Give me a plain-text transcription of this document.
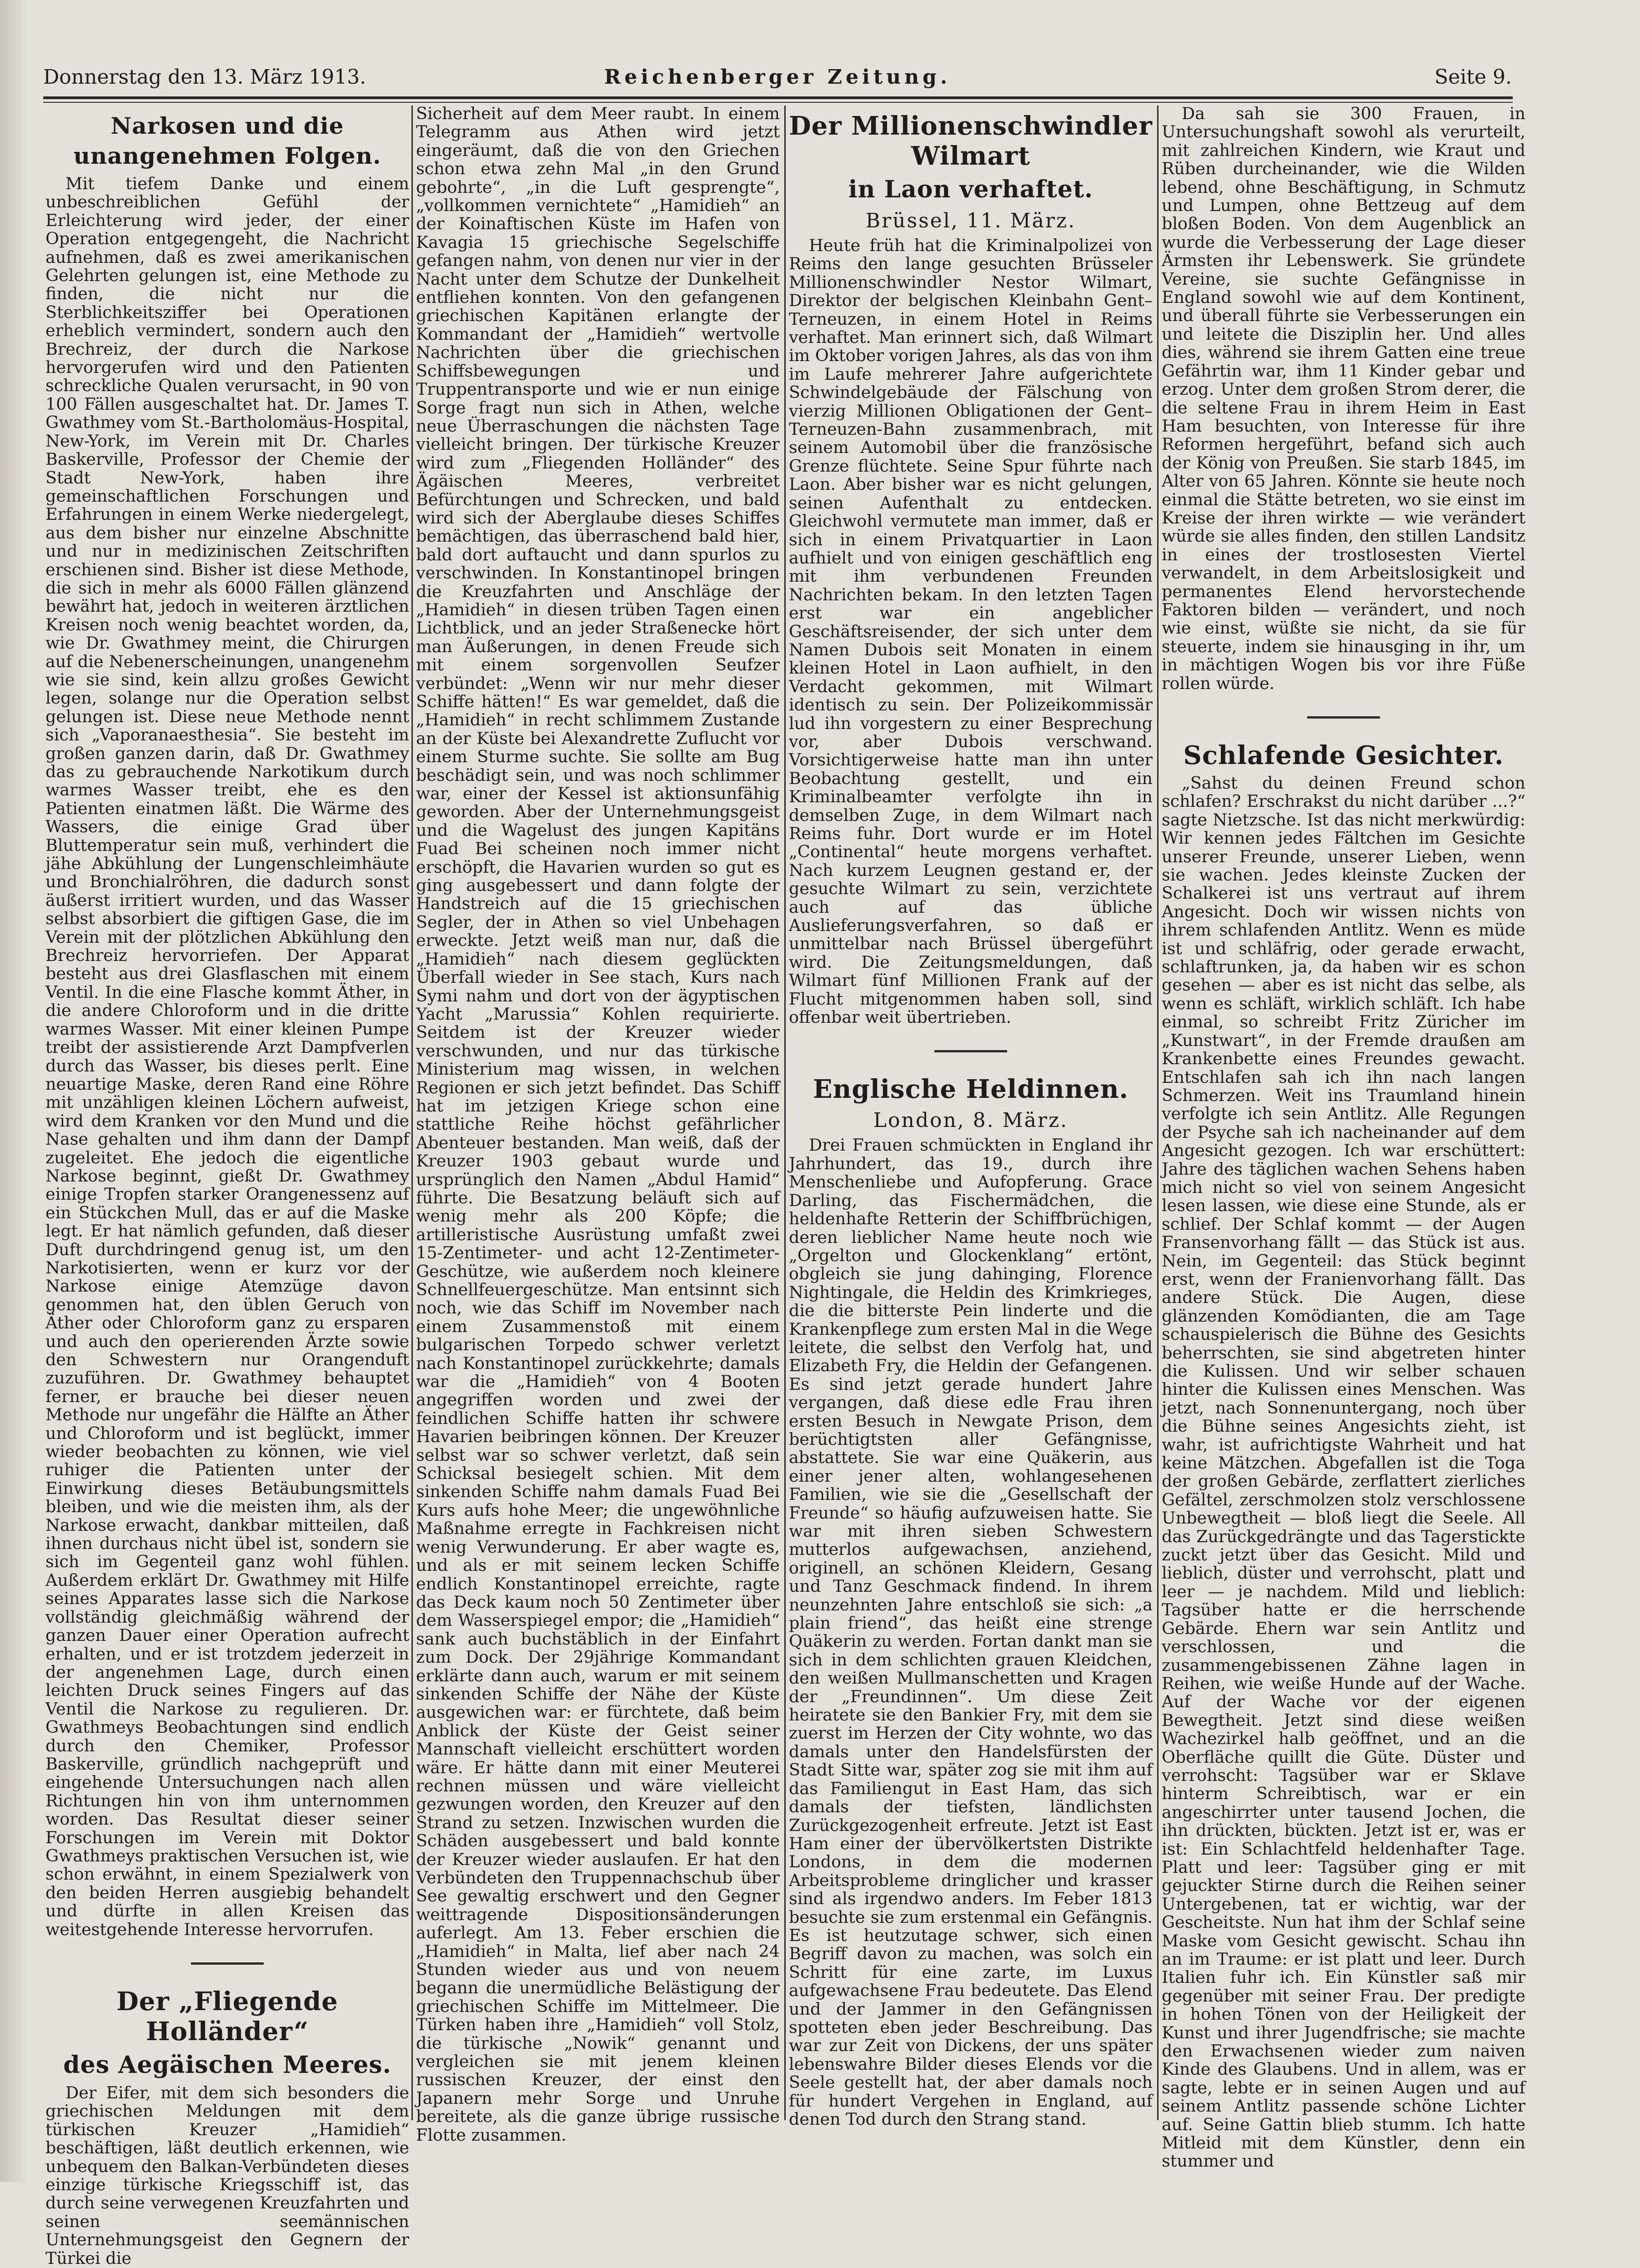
Donnerstag den 13. März 1913.	Reichenberger Zeitung.	Seite 9.
Narkosen und die unangenehmen Folgen.

Mit tiefem Danke und einem unbeschreiblichen Gefühl der Erleichterung wird jeder, der einer Operation entgegengeht, die Nachricht aufnehmen, daß es zwei amerikanischen Gelehrten gelungen ist, eine Methode zu finden, die nicht nur die Sterblichkeitsziffer bei Operationen erheblich vermindert, sondern auch den Brechreiz, der durch die Narkose hervorgerufen wird und den Patienten schreckliche Qualen verursacht, in 90 von 100 Fällen ausgeschaltet hat. Dr. James T. Gwathmey vom St.-Bartholomäus-Hospital, New-York, im Verein mit Dr. Charles Baskerville, Professor der Chemie der Stadt New-York, haben ihre gemeinschaftlichen Forschungen und Erfahrungen in einem Werke niedergelegt, aus dem bisher nur einzelne Abschnitte und nur in medizinischen Zeitschriften erschienen sind. Bisher ist diese Methode, die sich in mehr als 6000 Fällen glänzend bewährt hat, jedoch in weiteren ärztlichen Kreisen noch wenig beachtet worden, da, wie Dr. Gwathmey meint, die Chirurgen auf die Nebenerscheinungen, unangenehm wie sie sind, kein allzu großes Gewicht legen, solange nur die Operation selbst gelungen ist. Diese neue Methode nennt sich „Vaporanaesthesia“. Sie besteht im großen ganzen darin, daß Dr. Gwathmey das zu gebrauchende Narkotikum durch warmes Wasser treibt, ehe es den Patienten einatmen läßt. Die Wärme des Wassers, die einige Grad über Bluttemperatur sein muß, verhindert die jähe Abkühlung der Lungenschleimhäute und Bronchialröhren, die dadurch sonst äußerst irritiert wurden, und das Wasser selbst absorbiert die giftigen Gase, die im Verein mit der plötzlichen Abkühlung den Brechreiz hervorriefen. Der Apparat besteht aus drei Glasflaschen mit einem Ventil. In die eine Flasche kommt Äther, in die andere Chloroform und in die dritte warmes Wasser. Mit einer kleinen Pumpe treibt der assistierende Arzt Dampfverlen durch das Wasser, bis dieses perlt. Eine neuartige Maske, deren Rand eine Röhre mit unzähligen kleinen Löchern aufweist, wird dem Kranken vor den Mund und die Nase gehalten und ihm dann der Dampf zugeleitet. Ehe jedoch die eigentliche Narkose beginnt, gießt Dr. Gwathmey einige Tropfen starker Orangenessenz auf ein Stückchen Mull, das er auf die Maske legt. Er hat nämlich gefunden, daß dieser Duft durchdringend genug ist, um den Narkotisierten, wenn er kurz vor der Narkose einige Atemzüge davon genommen hat, den üblen Geruch von Äther oder Chloroform ganz zu ersparen und auch den operierenden Ärzte sowie den Schwestern nur Orangenduft zuzuführen. Dr. Gwathmey behauptet ferner, er brauche bei dieser neuen Methode nur ungefähr die Hälfte an Äther und Chloroform und ist beglückt, immer wieder beobachten zu können, wie viel ruhiger die Patienten unter der Einwirkung dieses Betäubungsmittels bleiben, und wie die meisten ihm, als der Narkose erwacht, dankbar mitteilen, daß ihnen durchaus nicht übel ist, sondern sie sich im Gegenteil ganz wohl fühlen. Außerdem erklärt Dr. Gwathmey mit Hilfe seines Apparates lasse sich die Narkose vollständig gleichmäßig während der ganzen Dauer einer Operation aufrecht erhalten, und er ist trotzdem jederzeit in der angenehmen Lage, durch einen leichten Druck seines Fingers auf das Ventil die Narkose zu regulieren. Dr. Gwathmeys Beobachtungen sind endlich durch den Chemiker, Professor Baskerville, gründlich nachgeprüft und eingehende Untersuchungen nach allen Richtungen hin von ihm unternommen worden. Das Resultat dieser seiner Forschungen im Verein mit Doktor Gwathmeys praktischen Versuchen ist, wie schon erwähnt, in einem Spezialwerk von den beiden Herren ausgiebig behandelt und dürfte in allen Kreisen das weitestgehende Interesse hervorrufen.

Der „Fliegende Holländer“
des Aegäischen Meeres.

Der Eifer, mit dem sich besonders die griechischen Meldungen mit dem türkischen Kreuzer „Hamidieh“ beschäftigen, läßt deutlich erkennen, wie unbequem den Balkan-Verbündeten dieses einzige türkische Kriegsschiff ist, das durch seine verwegenen Kreuzfahrten und seinen seemännischen Unternehmungsgeist den Gegnern der Türkei die

Sicherheit auf dem Meer raubt. In einem Telegramm aus Athen wird jetzt eingeräumt, daß die von den Griechen schon etwa zehn Mal „in den Grund gebohrte“, „in die Luft gesprengte“, „vollkommen vernichtete“ „Hamidieh“ an der Koinaftischen Küste im Hafen von Kavagia 15 griechische Segelschiffe gefangen nahm, von denen nur vier in der Nacht unter dem Schutze der Dunkelheit entfliehen konnten. Von den gefangenen griechischen Kapitänen erlangte der Kommandant der „Hamidieh“ wertvolle Nachrichten über die griechischen Schiffsbewegungen und Truppentransporte und wie er nun einige Sorge fragt nun sich in Athen, welche neue Überraschungen die nächsten Tage vielleicht bringen. Der türkische Kreuzer wird zum „Fliegenden Holländer“ des Ägäischen Meeres, verbreitet Befürchtungen und Schrecken, und bald wird sich der Aberglaube dieses Schiffes bemächtigen, das überraschend bald hier, bald dort auftaucht und dann spurlos zu verschwinden. In Konstantinopel bringen die Kreuzfahrten und Anschläge der „Hamidieh“ in diesen trüben Tagen einen Lichtblick, und an jeder Straßenecke hört man Äußerungen, in denen Freude sich mit einem sorgenvollen Seufzer verbündet: „Wenn wir nur mehr dieser Schiffe hätten!“ Es war gemeldet, daß die „Hamidieh“ in recht schlimmem Zustande an der Küste bei Alexandrette Zuflucht vor einem Sturme suchte. Sie sollte am Bug beschädigt sein, und was noch schlimmer war, einer der Kessel ist aktionsunfähig geworden. Aber der Unternehmungsgeist und die Wagelust des jungen Kapitäns Fuad Bei scheinen noch immer nicht erschöpft, die Havarien wurden so gut es ging ausgebessert und dann folgte der Handstreich auf die 15 griechischen Segler, der in Athen so viel Unbehagen erweckte. Jetzt weiß man nur, daß die „Hamidieh“ nach diesem geglückten Überfall wieder in See stach, Kurs nach Symi nahm und dort von der ägyptischen Yacht „Marussia“ Kohlen requirierte. Seitdem ist der Kreuzer wieder verschwunden, und nur das türkische Ministerium mag wissen, in welchen Regionen er sich jetzt befindet. Das Schiff hat im jetzigen Kriege schon eine stattliche Reihe höchst gefährlicher Abenteuer bestanden. Man weiß, daß der Kreuzer 1903 gebaut wurde und ursprünglich den Namen „Abdul Hamid“ führte. Die Besatzung beläuft sich auf wenig mehr als 200 Köpfe; die artilleristische Ausrüstung umfaßt zwei 15-Zentimeter- und acht 12-Zentimeter-Geschütze, wie außerdem noch kleinere Schnellfeuergeschütze. Man entsinnt sich noch, wie das Schiff im November nach einem Zusammenstoß mit einem bulgarischen Torpedo schwer verletzt nach Konstantinopel zurückkehrte; damals war die „Hamidieh“ von 4 Booten angegriffen worden und zwei der feindlichen Schiffe hatten ihr schwere Havarien beibringen können. Der Kreuzer selbst war so schwer verletzt, daß sein Schicksal besiegelt schien. Mit dem sinkenden Schiffe nahm damals Fuad Bei Kurs aufs hohe Meer; die ungewöhnliche Maßnahme erregte in Fachkreisen nicht wenig Verwunderung. Er aber wagte es, und als er mit seinem lecken Schiffe endlich Konstantinopel erreichte, ragte das Deck kaum noch 50 Zentimeter über dem Wasserspiegel empor; die „Hamidieh“ sank auch buchstäblich in der Einfahrt zum Dock. Der 29jährige Kommandant erklärte dann auch, warum er mit seinem sinkenden Schiffe der Nähe der Küste ausgewichen war: er fürchtete, daß beim Anblick der Küste der Geist seiner Mannschaft vielleicht erschüttert worden wäre. Er hätte dann mit einer Meuterei rechnen müssen und wäre vielleicht gezwungen worden, den Kreuzer auf den Strand zu setzen. Inzwischen wurden die Schäden ausgebessert und bald konnte der Kreuzer wieder auslaufen. Er hat den Verbündeten den Truppennachschub über See gewaltig erschwert und den Gegner weittragende Dispositionsänderungen auferlegt. Am 13. Feber erschien die „Hamidieh“ in Malta, lief aber nach 24 Stunden wieder aus und von neuem begann die unermüdliche Belästigung der griechischen Schiffe im Mittelmeer. Die Türken haben ihre „Hamidieh“ voll Stolz, die türkische „Nowik“ genannt und vergleichen sie mit jenem kleinen russischen Kreuzer, der einst den Japanern mehr Sorge und Unruhe bereitete, als die ganze übrige russische Flotte zusammen.

Der Millionenschwindler Wilmart
in Laon verhaftet.
Brüssel, 11. März.

Heute früh hat die Kriminalpolizei von Reims den lange gesuchten Brüsseler Millionenschwindler Nestor Wilmart, Direktor der belgischen Kleinbahn Gent–Terneuzen, in einem Hotel in Reims verhaftet. Man erinnert sich, daß Wilmart im Oktober vorigen Jahres, als das von ihm im Laufe mehrerer Jahre aufgerichtete Schwindelgebäude der Fälschung von vierzig Millionen Obligationen der Gent–Terneuzen-Bahn zusammenbrach, mit seinem Automobil über die französische Grenze flüchtete. Seine Spur führte nach Laon. Aber bisher war es nicht gelungen, seinen Aufenthalt zu entdecken. Gleichwohl vermutete man immer, daß er sich in einem Privatquartier in Laon aufhielt und von einigen geschäftlich eng mit ihm verbundenen Freunden Nachrichten bekam. In den letzten Tagen erst war ein angeblicher Geschäftsreisender, der sich unter dem Namen Dubois seit Monaten in einem kleinen Hotel in Laon aufhielt, in den Verdacht gekommen, mit Wilmart identisch zu sein. Der Polizeikommissär lud ihn vorgestern zu einer Besprechung vor, aber Dubois verschwand. Vorsichtigerweise hatte man ihn unter Beobachtung gestellt, und ein Kriminalbeamter verfolgte ihn in demselben Zuge, in dem Wilmart nach Reims fuhr. Dort wurde er im Hotel „Continental“ heute morgens verhaftet. Nach kurzem Leugnen gestand er, der gesuchte Wilmart zu sein, verzichtete auch auf das übliche Auslieferungsverfahren, so daß er unmittelbar nach Brüssel übergeführt wird. Die Zeitungsmeldungen, daß Wilmart fünf Millionen Frank auf der Flucht mitgenommen haben soll, sind offenbar weit übertrieben.

Englische Heldinnen.
London, 8. März.

Drei Frauen schmückten in England ihr Jahrhundert, das 19., durch ihre Menschenliebe und Aufopferung. Grace Darling, das Fischermädchen, die heldenhafte Retterin der Schiffbrüchigen, deren lieblicher Name heute noch wie „Orgelton und Glockenklang“ ertönt, obgleich sie jung dahinging, Florence Nightingale, die Heldin des Krimkrieges, die die bitterste Pein linderte und die Krankenpflege zum ersten Mal in die Wege leitete, die selbst den Verfolg hat, und Elizabeth Fry, die Heldin der Gefangenen. Es sind jetzt gerade hundert Jahre vergangen, daß diese edle Frau ihren ersten Besuch in Newgate Prison, dem berüchtigtsten aller Gefängnisse, abstattete. Sie war eine Quäkerin, aus einer jener alten, wohlangesehenen Familien, wie sie die „Gesellschaft der Freunde“ so häufig aufzuweisen hatte. Sie war mit ihren sieben Schwestern mutterlos aufgewachsen, anziehend, originell, an schönen Kleidern, Gesang und Tanz Geschmack findend. In ihrem neunzehnten Jahre entschloß sie sich: „a plain friend“, das heißt eine strenge Quäkerin zu werden. Fortan dankt man sie sich in dem schlichten grauen Kleidchen, den weißen Mullmanschetten und Kragen der „Freundinnen“. Um diese Zeit heiratete sie den Bankier Fry, mit dem sie zuerst im Herzen der City wohnte, wo das damals unter den Handelsfürsten der Stadt Sitte war, später zog sie mit ihm auf das Familiengut in East Ham, das sich damals der tiefsten, ländlichsten Zurückgezogenheit erfreute. Jetzt ist East Ham einer der übervölkertsten Distrikte Londons, in dem die modernen Arbeitsprobleme dringlicher und krasser sind als irgendwo anders. Im Feber 1813 besuchte sie zum erstenmal ein Gefängnis. Es ist heutzutage schwer, sich einen Begriff davon zu machen, was solch ein Schritt für eine zarte, im Luxus aufgewachsene Frau bedeutete. Das Elend und der Jammer in den Gefängnissen spotteten eben jeder Beschreibung. Das war zur Zeit von Dickens, der uns später lebenswahre Bilder dieses Elends vor die Seele gestellt hat, der aber damals noch für hundert Vergehen in England, auf denen Tod durch den Strang stand.

Da sah sie 300 Frauen, in Untersuchungshaft sowohl als verurteilt, mit zahlreichen Kindern, wie Kraut und Rüben durcheinander, wie die Wilden lebend, ohne Beschäftigung, in Schmutz und Lumpen, ohne Bettzeug auf dem bloßen Boden. Von dem Augenblick an wurde die Verbesserung der Lage dieser Ärmsten ihr Lebenswerk. Sie gründete Vereine, sie suchte Gefängnisse in England sowohl wie auf dem Kontinent, und überall führte sie Verbesserungen ein und leitete die Disziplin her. Und alles dies, während sie ihrem Gatten eine treue Gefährtin war, ihm 11 Kinder gebar und erzog. Unter dem großen Strom derer, die die seltene Frau in ihrem Heim in East Ham besuchten, von Interesse für ihre Reformen hergeführt, befand sich auch der König von Preußen. Sie starb 1845, im Alter von 65 Jahren. Könnte sie heute noch einmal die Stätte betreten, wo sie einst im Kreise der ihren wirkte — wie verändert würde sie alles finden, den stillen Landsitz in eines der trostlosesten Viertel verwandelt, in dem Arbeitslosigkeit und permanentes Elend hervorstechende Faktoren bilden — verändert, und noch wie einst, wüßte sie nicht, da sie für steuerte, indem sie hinausging in ihr, um in mächtigen Wogen bis vor ihre Füße rollen würde.

Schlafende Gesichter.

„Sahst du deinen Freund schon schlafen? Erschrakst du nicht darüber ...?“ sagte Nietzsche. Ist das nicht merkwürdig: Wir kennen jedes Fältchen im Gesichte unserer Freunde, unserer Lieben, wenn sie wachen. Jedes kleinste Zucken der Schalkerei ist uns vertraut auf ihrem Angesicht. Doch wir wissen nichts von ihrem schlafenden Antlitz. Wenn es müde ist und schläfrig, oder gerade erwacht, schlaftrunken, ja, da haben wir es schon gesehen — aber es ist nicht das selbe, als wenn es schläft, wirklich schläft. Ich habe einmal, so schreibt Fritz Züricher im „Kunstwart“, in der Fremde draußen am Krankenbette eines Freundes gewacht. Entschlafen sah ich ihn nach langen Schmerzen. Weit ins Traumland hinein verfolgte ich sein Antlitz. Alle Regungen der Psyche sah ich nacheinander auf dem Angesicht gezogen. Ich war erschüttert: Jahre des täglichen wachen Sehens haben mich nicht so viel von seinem Angesicht lesen lassen, wie diese eine Stunde, als er schlief. Der Schlaf kommt — der Augen Fransenvorhang fällt — das Stück ist aus. Nein, im Gegenteil: das Stück beginnt erst, wenn der Franienvorhang fällt. Das andere Stück. Die Augen, diese glänzenden Komödianten, die am Tage schauspielerisch die Bühne des Gesichts beherrschten, sie sind abgetreten hinter die Kulissen. Und wir selber schauen hinter die Kulissen eines Menschen. Was jetzt, nach Sonnenuntergang, noch über die Bühne seines Angesichts zieht, ist wahr, ist aufrichtigste Wahrheit und hat keine Mätzchen. Abgefallen ist die Toga der großen Gebärde, zerflattert zierliches Gefältel, zerschmolzen stolz verschlossene Unbewegtheit — bloß liegt die Seele. All das Zurückgedrängte und das Tagerstickte zuckt jetzt über das Gesicht. Mild und lieblich, düster und verrohscht, platt und leer — je nachdem. Mild und lieblich: Tagsüber hatte er die herrschende Gebärde. Ehern war sein Antlitz und verschlossen, und die zusammengebissenen Zähne lagen in Reihen, wie weiße Hunde auf der Wache. Auf der Wache vor der eigenen Bewegtheit. Jetzt sind diese weißen Wachezirkel halb geöffnet, und an die Oberfläche quillt die Güte. Düster und verrohscht: Tagsüber war er Sklave hinterm Schreibtisch, war er ein angeschirrter unter tausend Jochen, die ihn drückten, bückten. Jetzt ist er, was er ist: Ein Schlachtfeld heldenhafter Tage. Platt und leer: Tagsüber ging er mit gejuckter Stirne durch die Reihen seiner Untergebenen, tat er wichtig, war der Gescheitste. Nun hat ihm der Schlaf seine Maske vom Gesicht gewischt. Schau ihn an im Traume: er ist platt und leer. Durch Italien fuhr ich. Ein Künstler saß mir gegenüber mit seiner Frau. Der predigte in hohen Tönen von der Heiligkeit der Kunst und ihrer Jugendfrische; sie machte den Erwachsenen wieder zum naiven Kinde des Glaubens. Und in allem, was er sagte, lebte er in seinen Augen und auf seinem Antlitz passende schöne Lichter auf. Seine Gattin blieb stumm. Ich hatte Mitleid mit dem Künstler, denn ein stummer und
